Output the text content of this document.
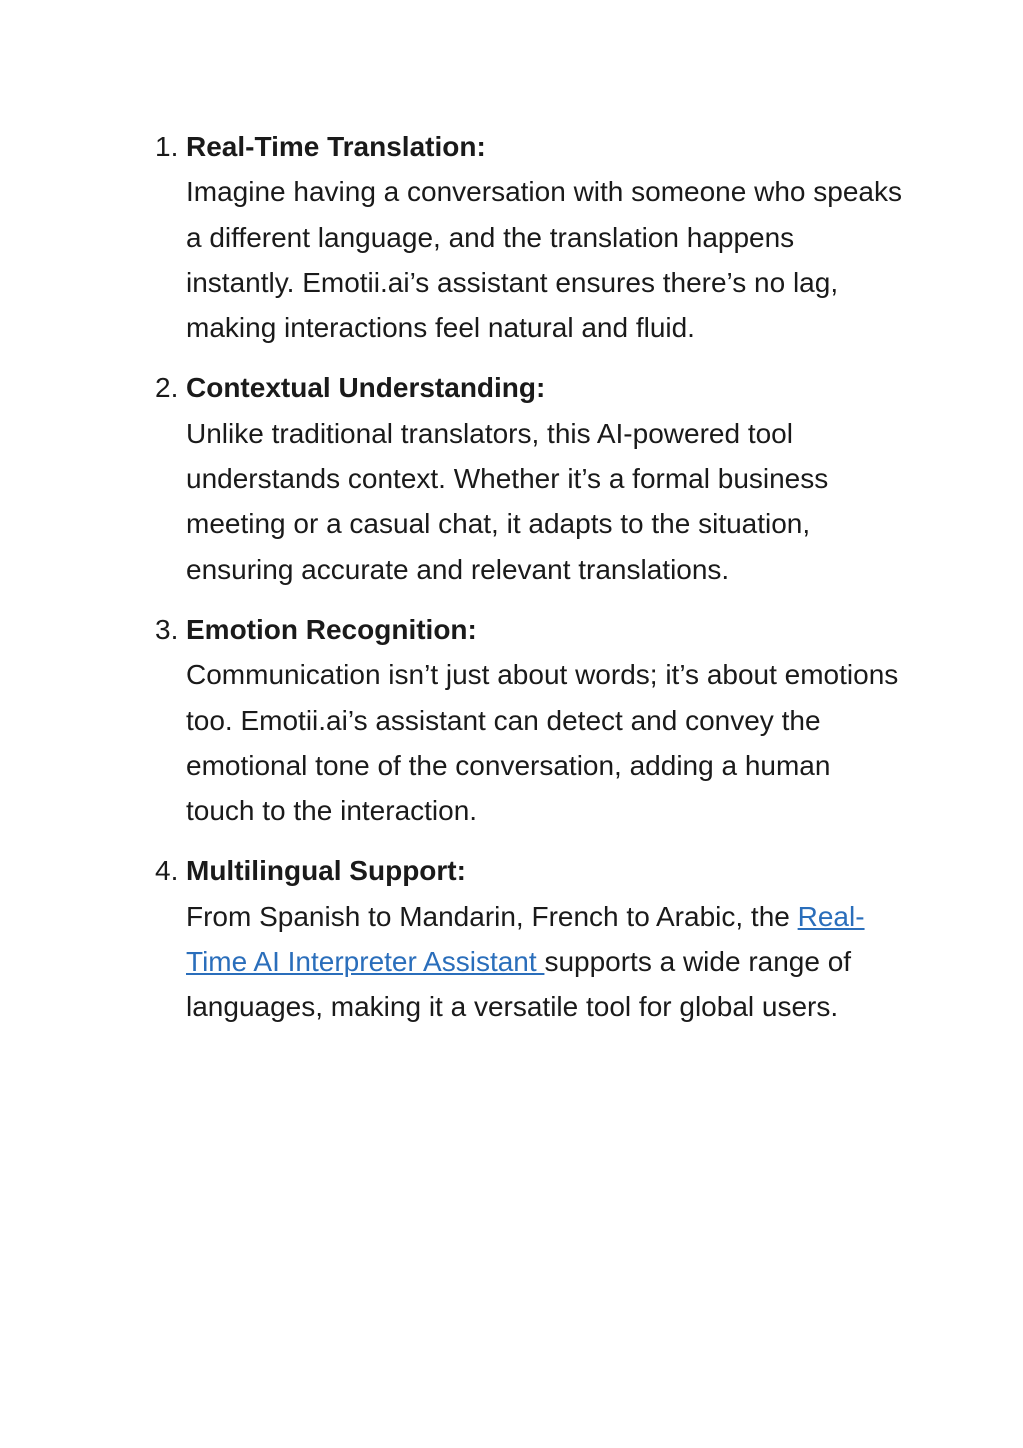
1. Real-Time Translation:
Imagine having a conversation with someone who speaks a different language, and the translation happens instantly. Emotii.ai’s assistant ensures there’s no lag, making interactions feel natural and fluid.
2. Contextual Understanding:
Unlike traditional translators, this AI-powered tool understands context. Whether it’s a formal business meeting or a casual chat, it adapts to the situation, ensuring accurate and relevant translations.
3. Emotion Recognition:
Communication isn’t just about words; it’s about emotions too. Emotii.ai’s assistant can detect and convey the emotional tone of the conversation, adding a human touch to the interaction.
4. Multilingual Support:
From Spanish to Mandarin, French to Arabic, the Real-Time AI Interpreter Assistant supports a wide range of languages, making it a versatile tool for global users.
